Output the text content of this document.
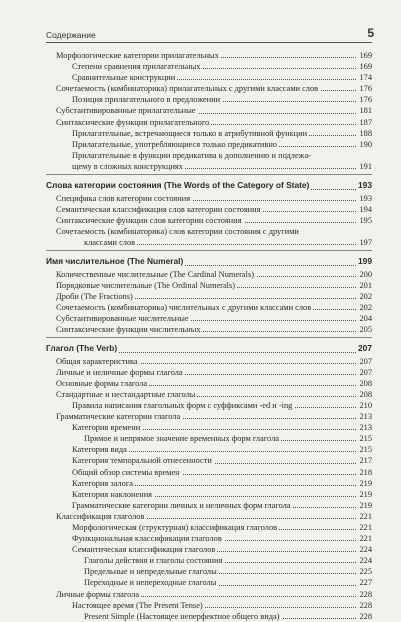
Содержание	5
Морфологические категории прилагательных	169
Степени сравнения прилагательных	169
Сравнительные конструкции	174
Сочетаемость (комбинаторика) прилагательных с другими классами слов	176
Позиция прилагательного в предложении	176
Субстантивированные прилагательные	181
Синтаксические функции прилагательного	187
Прилагательные, встречающиеся только в атрибутивной функции	188
Прилагательные, употребляющиеся только предикативно	190
Прилагательные в функции предикатива к дополнению и подлежа-
щему в сложных конструкциях	191
Слова категории состояния (The Words of the Category of State)	193
Специфика слов категории состояния	193
Семантическая классификация слов категории состояния	194
Синтаксические функции слов категории состояния	195
Сочетаемость (комбинаторика) слов категории состояния с другими
классами слов	197
Имя числительное (The Numeral)	199
Количественные числительные (The Cardinal Numerals)	200
Порядковые числительные (The Ordinal Numerals)	201
Дроби (The Fractions)	202
Сочетаемость (комбинаторика) числительных с другими классами слов	202
Субстантивированные числительные	204
Синтаксические функции числительных	205
Глагол (The Verb)	207
Общая характеристика	207
Личные и неличные формы глагола	207
Основные формы глагола	208
Стандартные и нестандартные глаголы	208
Правила написания глагольных форм с суффиксами -ed и -ing	210
Грамматические категории глагола	213
Категория времени	213
Прямое и непрямое значение временных форм глагола	215
Категория вида	215
Категория темпоральной отнесенности	217
Общий обзор системы времен	218
Категория залога	219
Категория наклонения	219
Грамматические категории личных и неличных форм глагола	219
Классификация глаголов	221
Морфологическая (структурная) классификация глаголов	221
Функциональная классификация глаголов	221
Семантическая классификация глаголов	224
Глаголы действия и глаголы состояния	224
Предельные и непредельные глаголы	225
Переходные и непереходные глаголы	227
Личные формы глагола	228
Настоящее время (The Present Tense)	228
Present Simple (Настоящее неперфектное общего вида)	228
